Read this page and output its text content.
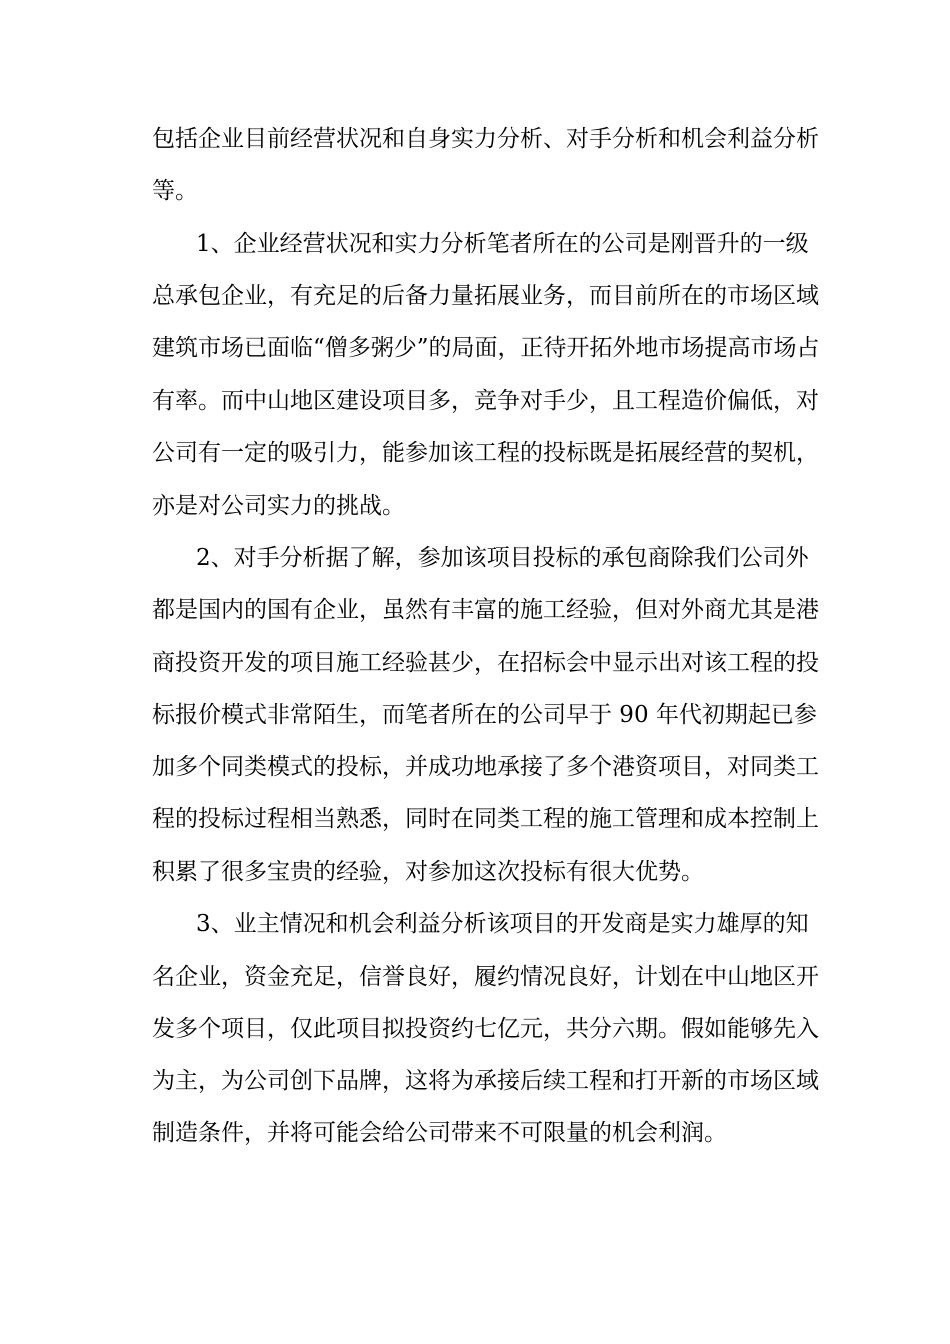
包括企业目前经营状况和自身实力分析、对手分析和机会利益分析
等。
1、企业经营状况和实力分析笔者所在的公司是刚晋升的一级
总承包企业，有充足的后备力量拓展业务，而目前所在的市场区域
建筑市场已面临“僧多粥少”的局面，正待开拓外地市场提高市场占
有率。而中山地区建设项目多，竞争对手少，且工程造价偏低，对
公司有一定的吸引力，能参加该工程的投标既是拓展经营的契机，
亦是对公司实力的挑战。
2、对手分析据了解，参加该项目投标的承包商除我们公司外
都是国内的国有企业，虽然有丰富的施工经验，但对外商尤其是港
商投资开发的项目施工经验甚少，在招标会中显示出对该工程的投
标报价模式非常陌生，而笔者所在的公司早于 90 年代初期起已参
加多个同类模式的投标，并成功地承接了多个港资项目，对同类工
程的投标过程相当熟悉，同时在同类工程的施工管理和成本控制上
积累了很多宝贵的经验，对参加这次投标有很大优势。
3、业主情况和机会利益分析该项目的开发商是实力雄厚的知
名企业，资金充足，信誉良好，履约情况良好，计划在中山地区开
发多个项目，仅此项目拟投资约七亿元，共分六期。假如能够先入
为主，为公司创下品牌，这将为承接后续工程和打开新的市场区域
制造条件，并将可能会给公司带来不可限量的机会利润。
